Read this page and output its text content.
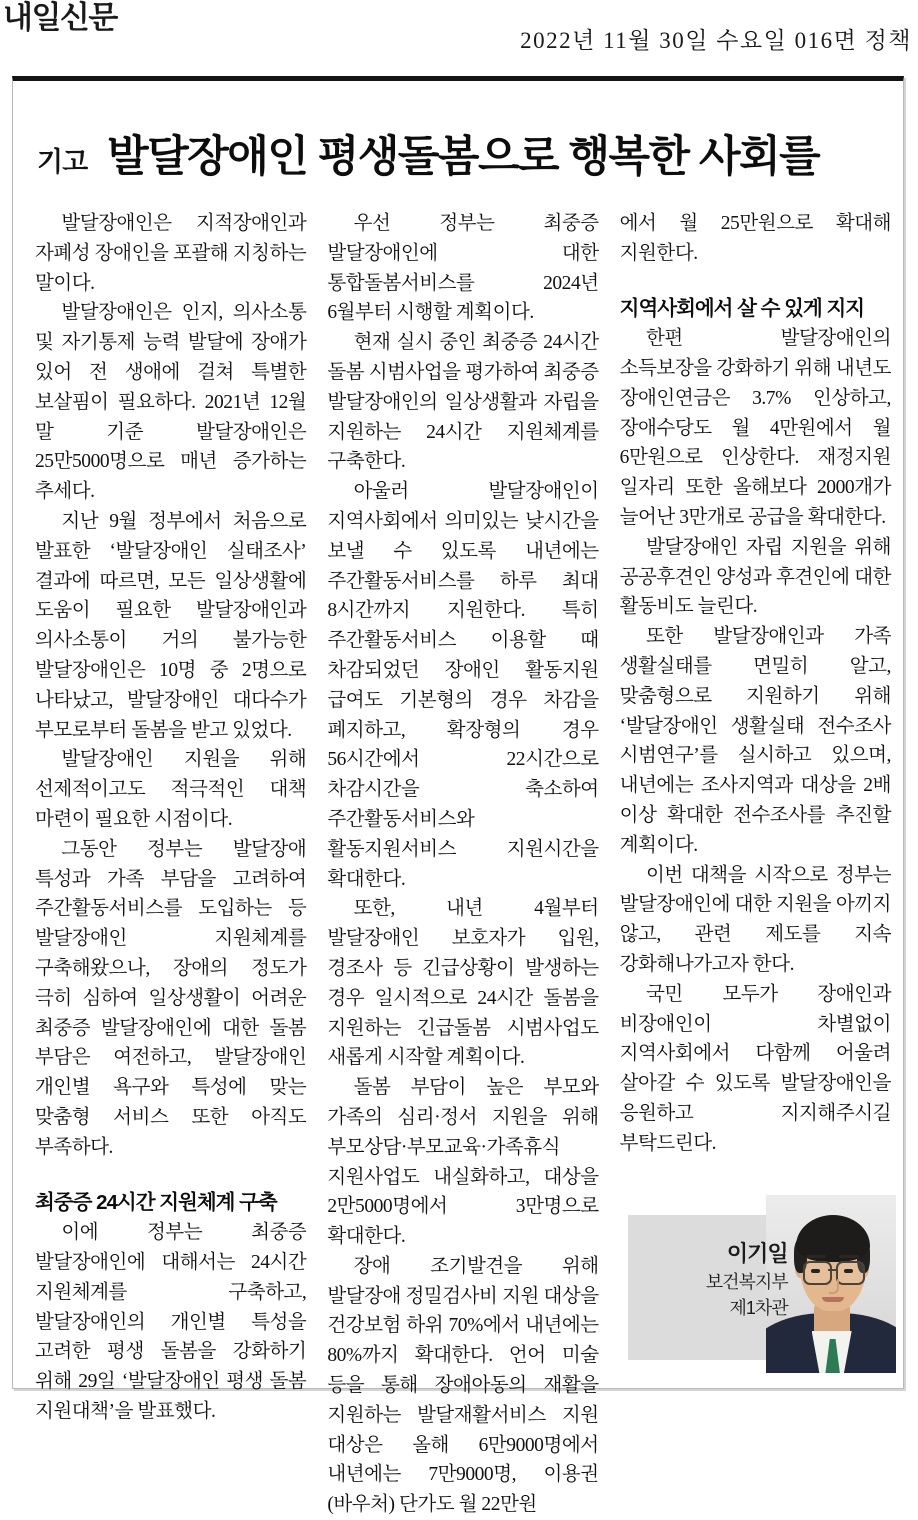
내일신문
2022년 11월 30일 수요일 016면 정책
기고 발달장애인 평생돌봄으로 행복한 사회를

발달장애인은 지적장애인과 자폐성 장애인을 포괄해 지칭하는 말이다.

발달장애인은 인지, 의사소통 및 자기통제 능력 발달에 장애가 있어 전 생애에 걸쳐 특별한 보살핌이 필요하다. 2021년 12월 말 기준 발달장애인은 25만5000명으로 매년 증가하는 추세다.

지난 9월 정부에서 처음으로 발표한 ‘발달장애인 실태조사’ 결과에 따르면, 모든 일상생활에 도움이 필요한 발달장애인과 의사소통이 거의 불가능한 발달장애인은 10명 중 2명으로 나타났고, 발달장애인 대다수가 부모로부터 돌봄을 받고 있었다.

발달장애인 지원을 위해 선제적이고도 적극적인 대책 마련이 필요한 시점이다.

그동안 정부는 발달장애 특성과 가족 부담을 고려하여 주간활동서비스를 도입하는 등 발달장애인 지원체계를 구축해왔으나, 장애의 정도가 극히 심하여 일상생활이 어려운 최중증 발달장애인에 대한 돌봄 부담은 여전하고, 발달장애인 개인별 욕구와 특성에 맞는 맞춤형 서비스 또한 아직도 부족하다.

최중증 24시간 지원체계 구축

이에 정부는 최중증 발달장애인에 대해서는 24시간 지원체계를 구축하고, 발달장애인의 개인별 특성을 고려한 평생 돌봄을 강화하기 위해 29일 ‘발달장애인 평생 돌봄 지원대책’을 발표했다.

우선 정부는 최중증 발달장애인에 대한 통합돌봄서비스를 2024년 6월부터 시행할 계획이다.

현재 실시 중인 최중증 24시간 돌봄 시범사업을 평가하여 최중증 발달장애인의 일상생활과 자립을 지원하는 24시간 지원체계를 구축한다.

아울러 발달장애인이 지역사회에서 의미있는 낮시간을 보낼 수 있도록 내년에는 주간활동서비스를 하루 최대 8시간까지 지원한다. 특히 주간활동서비스 이용할 때 차감되었던 장애인 활동지원 급여도 기본형의 경우 차감을 폐지하고, 확장형의 경우 56시간에서 22시간으로 차감시간을 축소하여 주간활동서비스와 활동지원서비스 지원시간을 확대한다.

또한, 내년 4월부터 발달장애인 보호자가 입원, 경조사 등 긴급상황이 발생하는 경우 일시적으로 24시간 돌봄을 지원하는 긴급돌봄 시범사업도 새롭게 시작할 계획이다.

돌봄 부담이 높은 부모와 가족의 심리·정서 지원을 위해 부모상담·부모교육·가족휴식 지원사업도 내실화하고, 대상을 2만5000명에서 3만명으로 확대한다.

장애 조기발견을 위해 발달장애 정밀검사비 지원 대상을 건강보험 하위 70%에서 내년에는 80%까지 확대한다. 언어 미술 등을 통해 장애아동의 재활을 지원하는 발달재활서비스 지원 대상은 올해 6만9000명에서 내년에는 7만9000명, 이용권(바우처) 단가도 월 22만원

에서 월 25만원으로 확대해 지원한다.

지역사회에서 살 수 있게 지지

한편 발달장애인의 소득보장을 강화하기 위해 내년도 장애인연금은 3.7% 인상하고, 장애수당도 월 4만원에서 월 6만원으로 인상한다. 재정지원 일자리 또한 올해보다 2000개가 늘어난 3만개로 공급을 확대한다.

발달장애인 자립 지원을 위해 공공후견인 양성과 후견인에 대한 활동비도 늘린다.

또한 발달장애인과 가족 생활실태를 면밀히 알고, 맞춤형으로 지원하기 위해 ‘발달장애인 생활실태 전수조사 시범연구’를 실시하고 있으며, 내년에는 조사지역과 대상을 2배 이상 확대한 전수조사를 추진할 계획이다.

이번 대책을 시작으로 정부는 발달장애인에 대한 지원을 아끼지 않고, 관련 제도를 지속 강화해나가고자 한다.

국민 모두가 장애인과 비장애인이 차별없이 지역사회에서 다함께 어울려 살아갈 수 있도록 발달장애인을 응원하고 지지해주시길 부탁드린다.

이기일
보건복지부
제1차관
